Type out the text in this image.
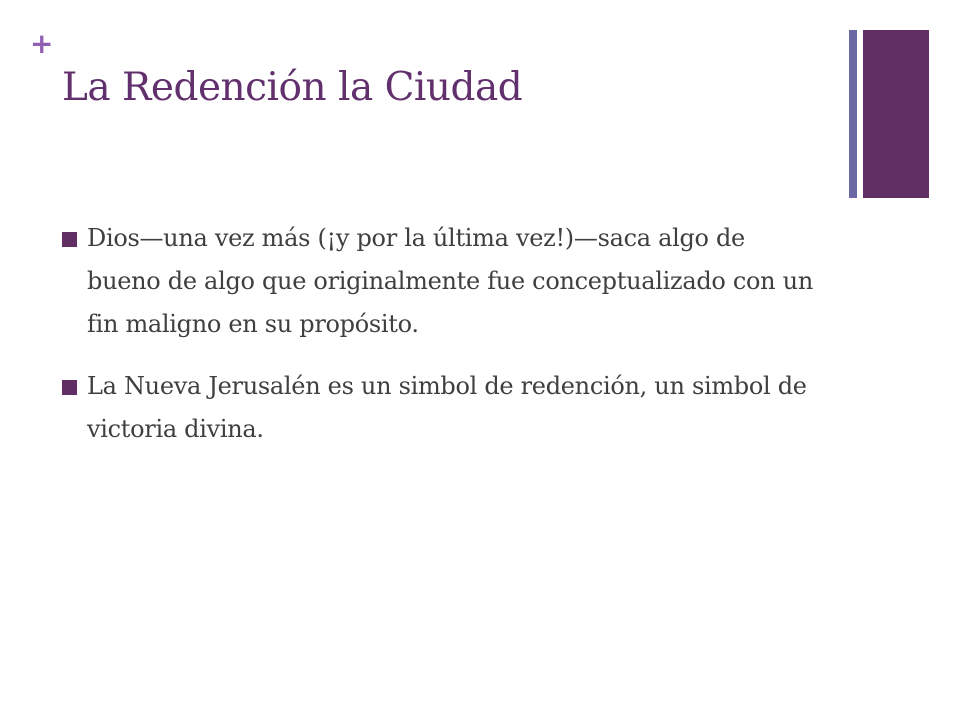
+
La Redención la Ciudad
Dios—una vez más (¡y por la última vez!)—saca algo de bueno de algo que originalmente fue conceptualizado con un fin maligno en su propósito.
La Nueva Jerusalén es un simbol de redención, un simbol de victoria divina.
